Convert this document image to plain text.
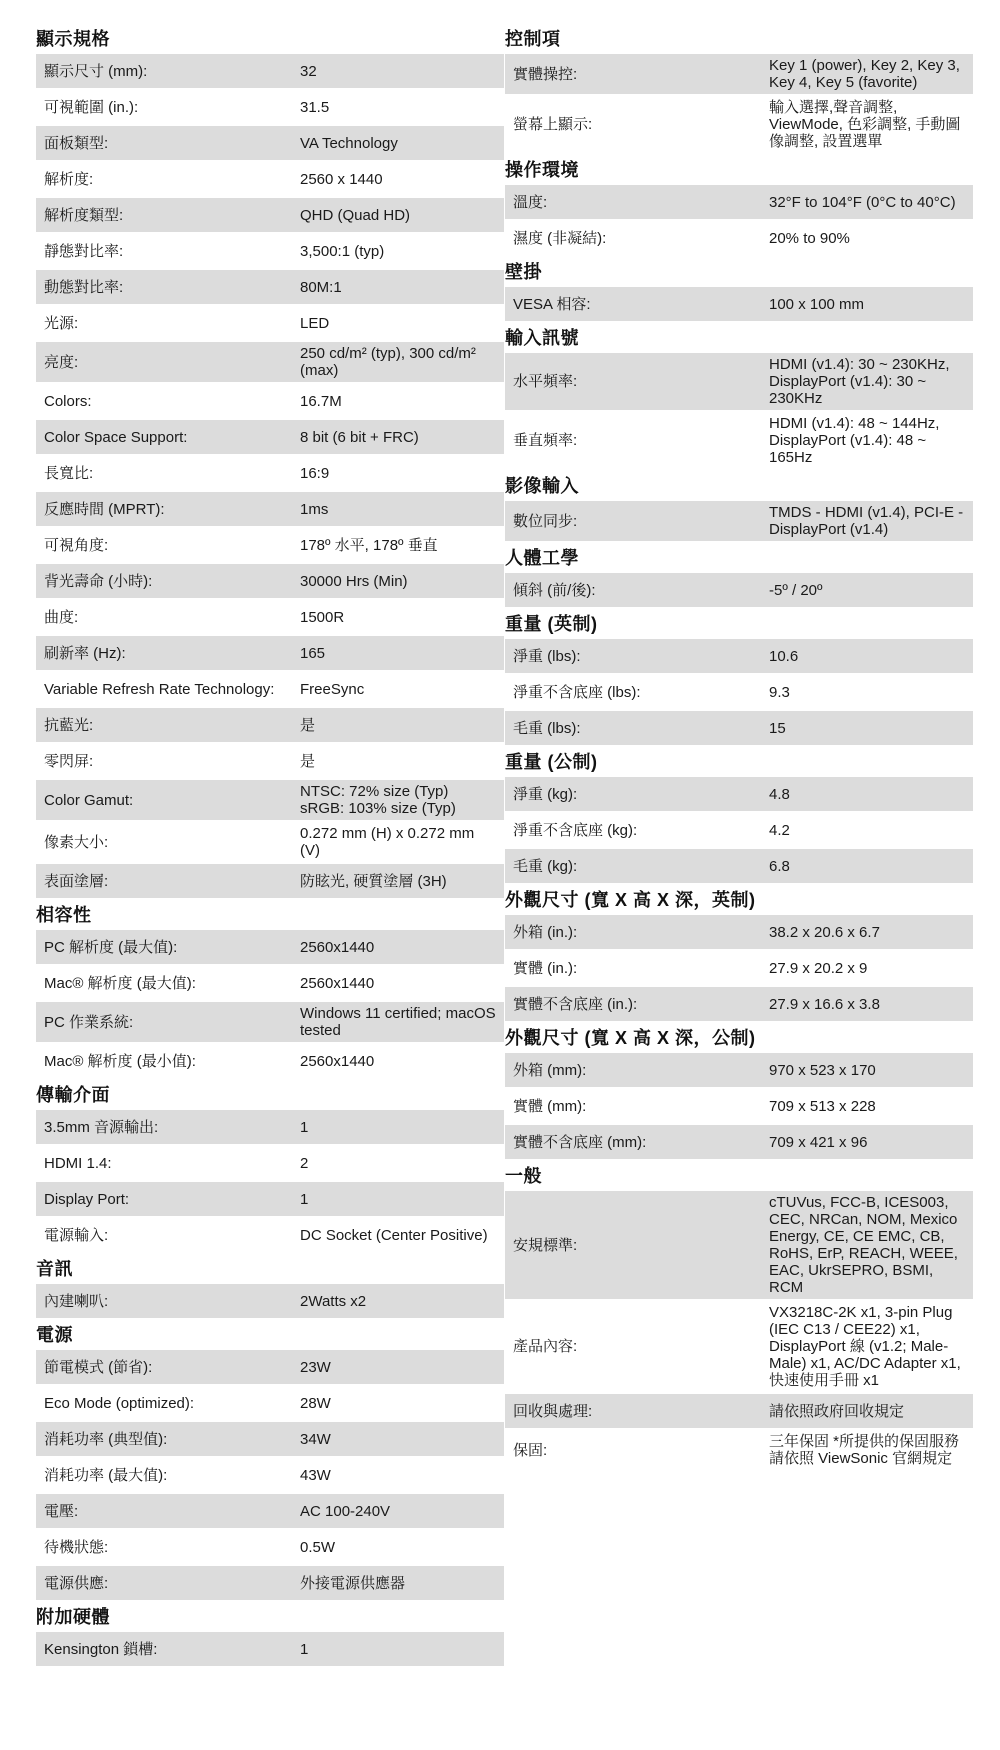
顯示規格
顯示尺寸 (mm):	32
可視範圍 (in.):	31.5
面板類型:	VA Technology
解析度:	2560 x 1440
解析度類型:	QHD (Quad HD)
靜態對比率:	3,500:1 (typ)
動態對比率:	80M:1
光源:	LED
亮度:	250 cd/m² (typ), 300 cd/m² (max)
Colors:	16.7M
Color Space Support:	8 bit (6 bit + FRC)
長寬比:	16:9
反應時間 (MPRT):	1ms
可視角度:	178º 水平, 178º 垂直
背光壽命 (小時):	30000 Hrs (Min)
曲度:	1500R
刷新率 (Hz):	165
Variable Refresh Rate Technology:	FreeSync
抗藍光:	是
零閃屏:	是
Color Gamut:	NTSC: 72% size (Typ) sRGB: 103% size (Typ)
像素大小:	0.272 mm (H) x 0.272 mm (V)
表面塗層:	防眩光, 硬質塗層 (3H)
相容性
PC 解析度 (最大值):	2560x1440
Mac® 解析度 (最大值):	2560x1440
PC 作業系統:	Windows 11 certified; macOS tested
Mac® 解析度 (最小值):	2560x1440
傳輸介面
3.5mm 音源輸出:	1
HDMI 1.4:	2
Display Port:	1
電源輸入:	DC Socket (Center Positive)
音訊
內建喇叭:	2Watts x2
電源
節電模式 (節省):	23W
Eco Mode (optimized):	28W
消耗功率 (典型值):	34W
消耗功率 (最大值):	43W
電壓:	AC 100-240V
待機狀態:	0.5W
電源供應:	外接電源供應器
附加硬體
Kensington 鎖槽:	1
控制項
實體操控:	Key 1 (power), Key 2, Key 3, Key 4, Key 5 (favorite)
螢幕上顯示:
輸入選擇,聲音調整, ViewMode, 色彩調整, 手動圖像調整, 設置選單
操作環境
溫度:	32°F to 104°F (0°C to 40°C)
濕度 (非凝結):	20% to 90%
壁掛
VESA 相容:	100 x 100 mm
輸入訊號
水平頻率:
HDMI (v1.4): 30 ~ 230KHz, DisplayPort (v1.4): 30 ~ 230KHz
垂直頻率:
HDMI (v1.4): 48 ~ 144Hz, DisplayPort (v1.4): 48 ~ 165Hz
影像輸入
數位同步:	TMDS - HDMI (v1.4), PCI-E - DisplayPort (v1.4)
人體工學
傾斜 (前/後):	-5º / 20º
重量 (英制)
淨重 (lbs):	10.6
淨重不含底座 (lbs):	9.3
毛重 (lbs):	15
重量 (公制)
淨重 (kg):	4.8
淨重不含底座 (kg):	4.2
毛重 (kg):	6.8
外觀尺寸 (寬 X 高 X 深，英制)
外箱 (in.):	38.2 x 20.6 x 6.7
實體 (in.):	27.9 x 20.2 x 9
實體不含底座 (in.):	27.9 x 16.6 x 3.8
外觀尺寸 (寬 X 高 X 深，公制)
外箱 (mm):	970 x 523 x 170
實體 (mm):	709 x 513 x 228
實體不含底座 (mm):	709 x 421 x 96
一般
安規標準:
cTUVus, FCC-B, ICES003, CEC, NRCan, NOM, Mexico Energy, CE, CE EMC, CB, RoHS, ErP, REACH, WEEE, EAC, UkrSEPRO, BSMI, RCM
產品內容:
VX3218C-2K x1, 3-pin Plug (IEC C13 / CEE22) x1, DisplayPort 線 (v1.2; Male-Male) x1, AC/DC Adapter x1, 快速使用手冊 x1
回收與處理:	請依照政府回收規定
保固:	三年保固 *所提供的保固服務請依照 ViewSonic 官網規定
